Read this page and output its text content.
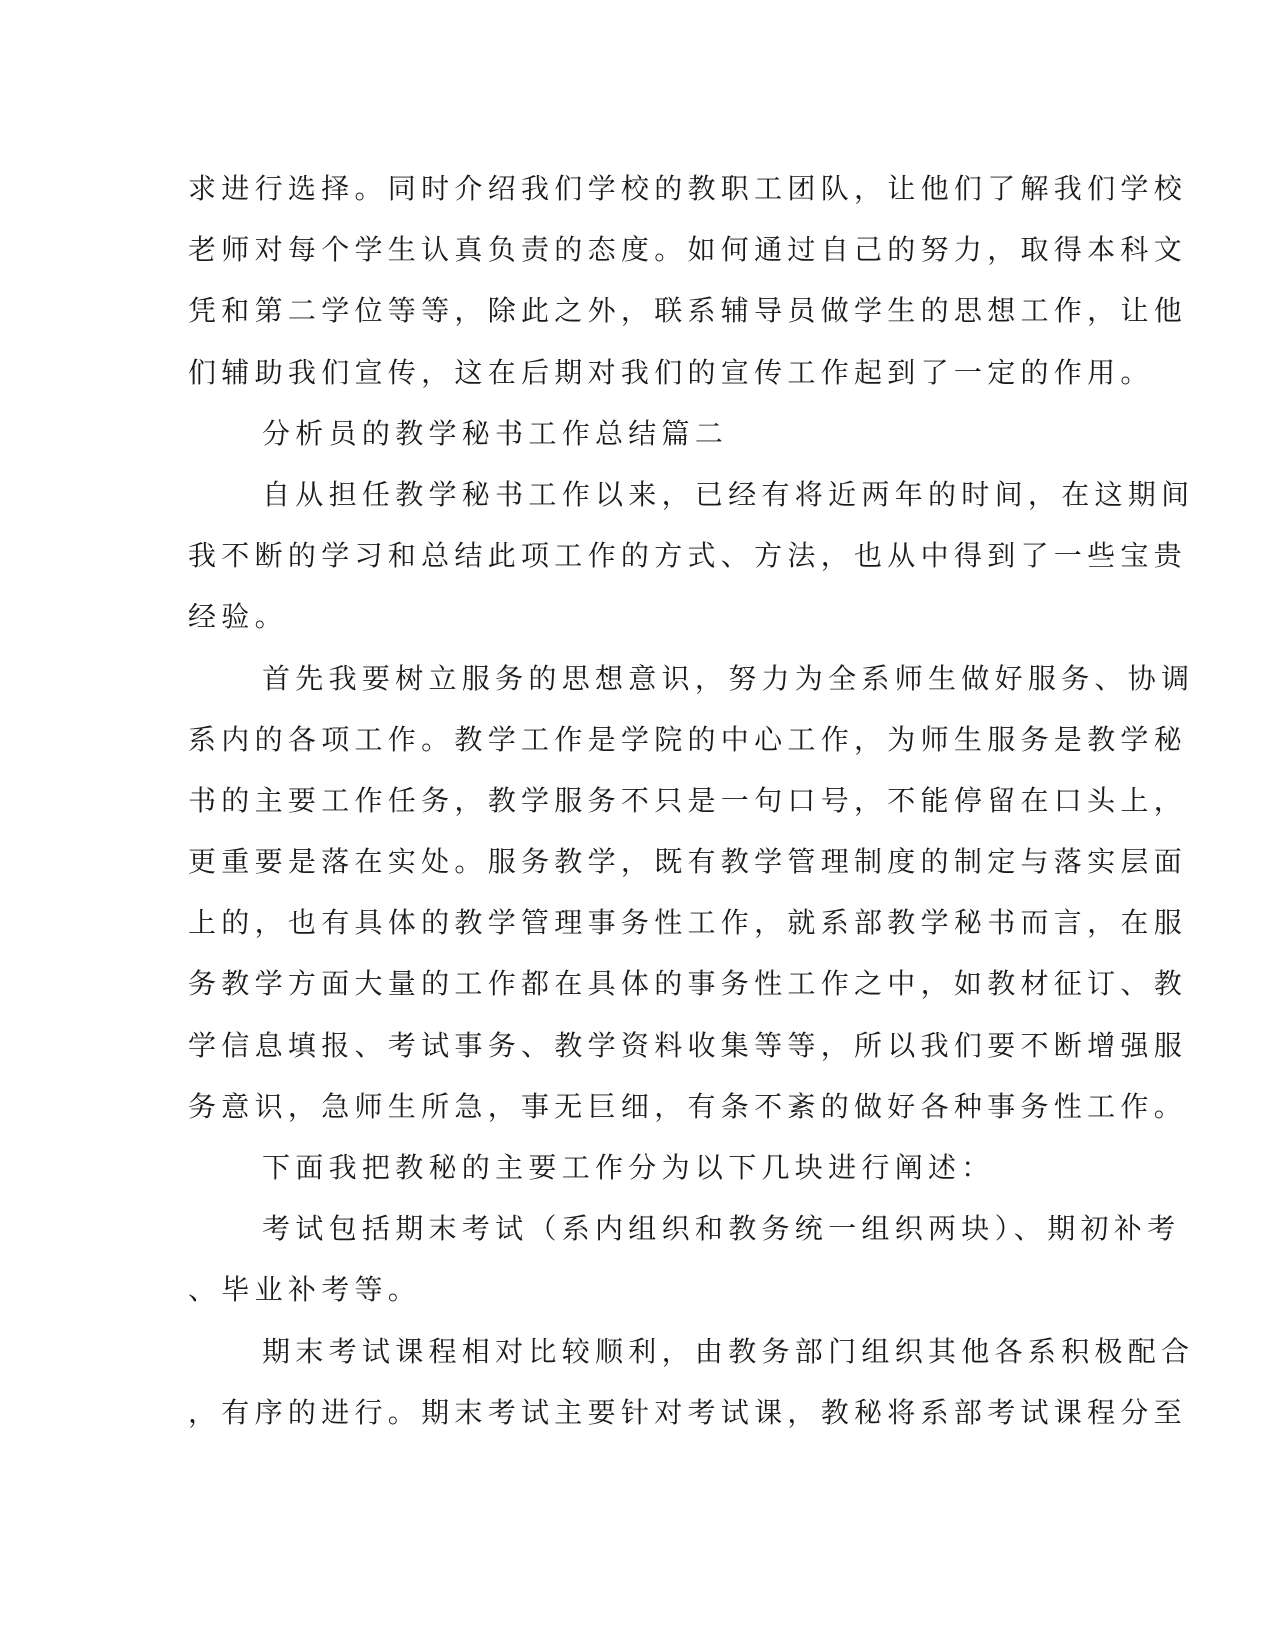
求进行选择。同时介绍我们学校的教职工团队，让他们了解我们学校
老师对每个学生认真负责的态度。如何通过自己的努力，取得本科文
凭和第二学位等等，除此之外，联系辅导员做学生的思想工作，让他
们辅助我们宣传，这在后期对我们的宣传工作起到了一定的作用。
分析员的教学秘书工作总结篇二
自从担任教学秘书工作以来，已经有将近两年的时间，在这期间
我不断的学习和总结此项工作的方式、方法，也从中得到了一些宝贵
经验。
首先我要树立服务的思想意识，努力为全系师生做好服务、协调
系内的各项工作。教学工作是学院的中心工作，为师生服务是教学秘
书的主要工作任务，教学服务不只是一句口号，不能停留在口头上，
更重要是落在实处。服务教学，既有教学管理制度的制定与落实层面
上的，也有具体的教学管理事务性工作，就系部教学秘书而言，在服
务教学方面大量的工作都在具体的事务性工作之中，如教材征订、教
学信息填报、考试事务、教学资料收集等等，所以我们要不断增强服
务意识，急师生所急，事无巨细，有条不紊的做好各种事务性工作。
下面我把教秘的主要工作分为以下几块进行阐述：
考试包括期末考试（系内组织和教务统一组织两块）、期初补考
、毕业补考等。
期末考试课程相对比较顺利，由教务部门组织其他各系积极配合
，有序的进行。期末考试主要针对考试课，教秘将系部考试课程分至
